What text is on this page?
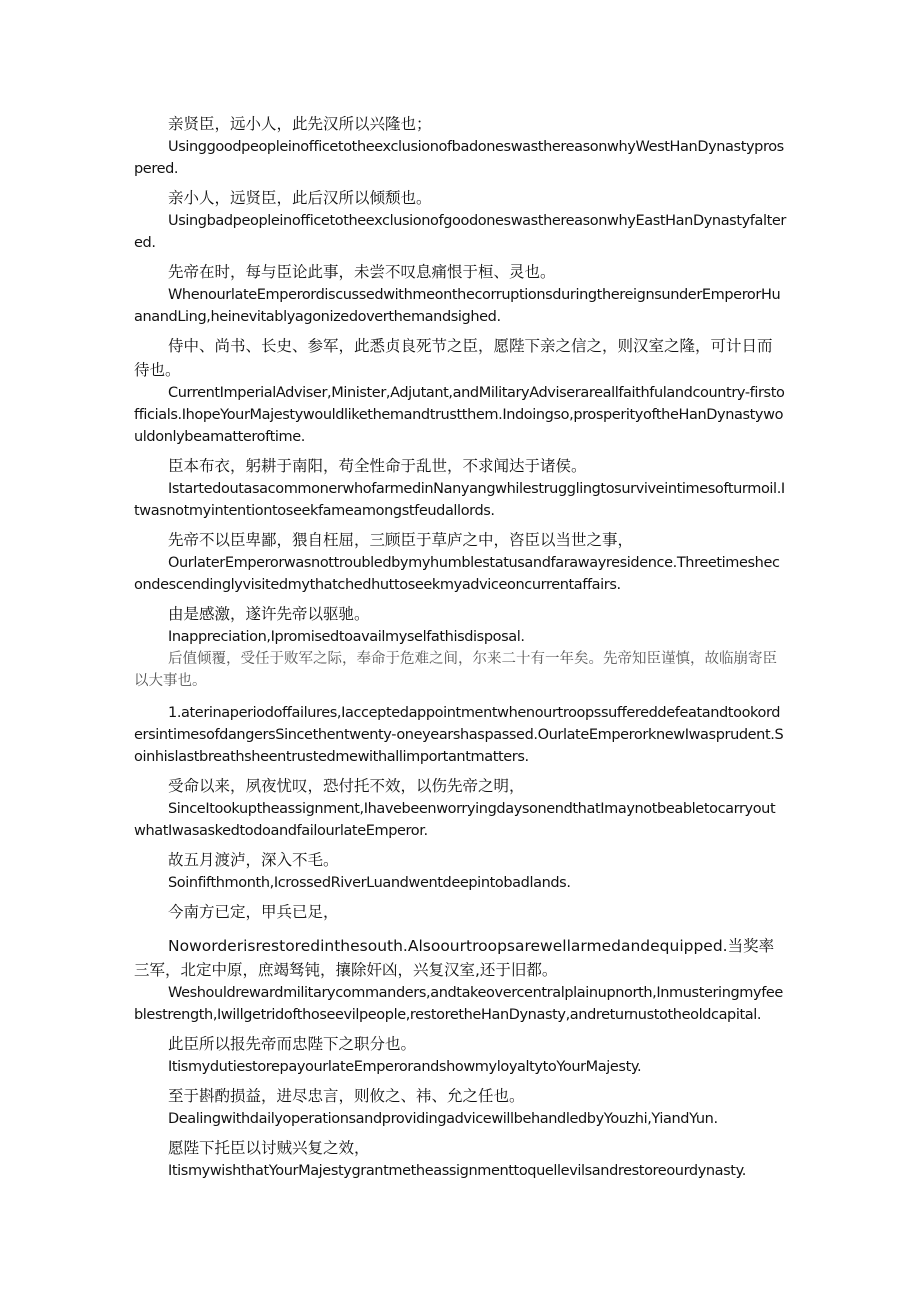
亲贤臣，远小人，此先汉所以兴隆也；

UsinggoodpeopleinofficetotheexclusionofbadoneswasthereasonwhyWestHanDynastyprospered.

亲小人，远贤臣，此后汉所以倾颓也。

UsingbadpeopleinofficetotheexclusionofgoodoneswasthereasonwhyEastHanDynastyfaltered.

先帝在时，每与臣论此事，未尝不叹息痛恨于桓、灵也。

WhenourlateEmperordiscussedwithmeonthecorruptionsduringthereignsunderEmperorHuanandLing,heinevitablyagonizedoverthemandsighed.

侍中、尚书、长史、参军，此悉贞良死节之臣，愿陛下亲之信之，则汉室之隆，可计日而待也。

CurrentImperialAdviser,Minister,Adjutant,andMilitaryAdviserareallfaithfulandcountry-firstofficials.IhopeYourMajestywouldlikethemandtrustthem.Indoingso,prosperityoftheHanDynastywouldonlybeamatteroftime.

臣本布衣，躬耕于南阳，苟全性命于乱世，不求闻达于诸侯。

IstartedoutasacommonerwhofarmedinNanyangwhilestrugglingtosurviveintimesofturmoil.Itwasnotmyintentiontoseekfameamongstfeudallords.

先帝不以臣卑鄙，猥自枉屈，三顾臣于草庐之中，咨臣以当世之事，

OurlaterEmperorwasnottroubledbymyhumblestatusandfarawayresidence.Threetimeshecondescendinglyvisitedmythatchedhuttoseekmyadviceoncurrentaffairs.

由是感激，遂许先帝以驱驰。

Inappreciation,Ipromisedtoavailmyselfathisdisposal.

后值倾覆，受任于败军之际，奉命于危难之间，尔来二十有一年矣。先帝知臣谨慎，故临崩寄臣以大事也。

1.aterinaperiodoffailures,IacceptedappointmentwhenourtroopssuffereddefeatandtookordersintimesofdangersSincethentwenty-oneyearshaspassed.OurlateEmperorknewIwasprudent.Soinhislastbreathsheentrustedmewithallimportantmatters.

受命以来，夙夜忧叹，恐付托不效，以伤先帝之明，

SinceItookuptheassignment,IhavebeenworryingdaysonendthatImaynotbeabletocarryoutwhatIwasaskedtodoandfailourlateEmperor.

故五月渡泸，深入不毛。

Soinfifthmonth,IcrossedRiverLuandwentdeepintobadlands.

今南方已定，甲兵已足，

Noworderisrestoredinthesouth.Alsoourtroopsarewellarmedandequipped.当奖率三军，北定中原，庶竭驽钝，攘除奸凶，兴复汉室,还于旧都。

Weshouldrewardmilitarycommanders,andtakeovercentralplainupnorth,Inmusteringmyfeeblestrength,Iwillgetridofthoseevilpeople,restoretheHanDynasty,andreturnustotheoldcapital.

此臣所以报先帝而忠陛下之职分也。

ItismydutiestorepayourlateEmperorandshowmyloyaltytoYourMajesty.

至于斟酌损益，进尽忠言，则攸之、祎、允之任也。

DealingwithdailyoperationsandprovidingadvicewillbehandledbyYouzhi,YiandYun.

愿陛下托臣以讨贼兴复之效，

ItismywishthatYourMajestygrantmetheassignmenttoquellevilsandrestoreourdynasty.
